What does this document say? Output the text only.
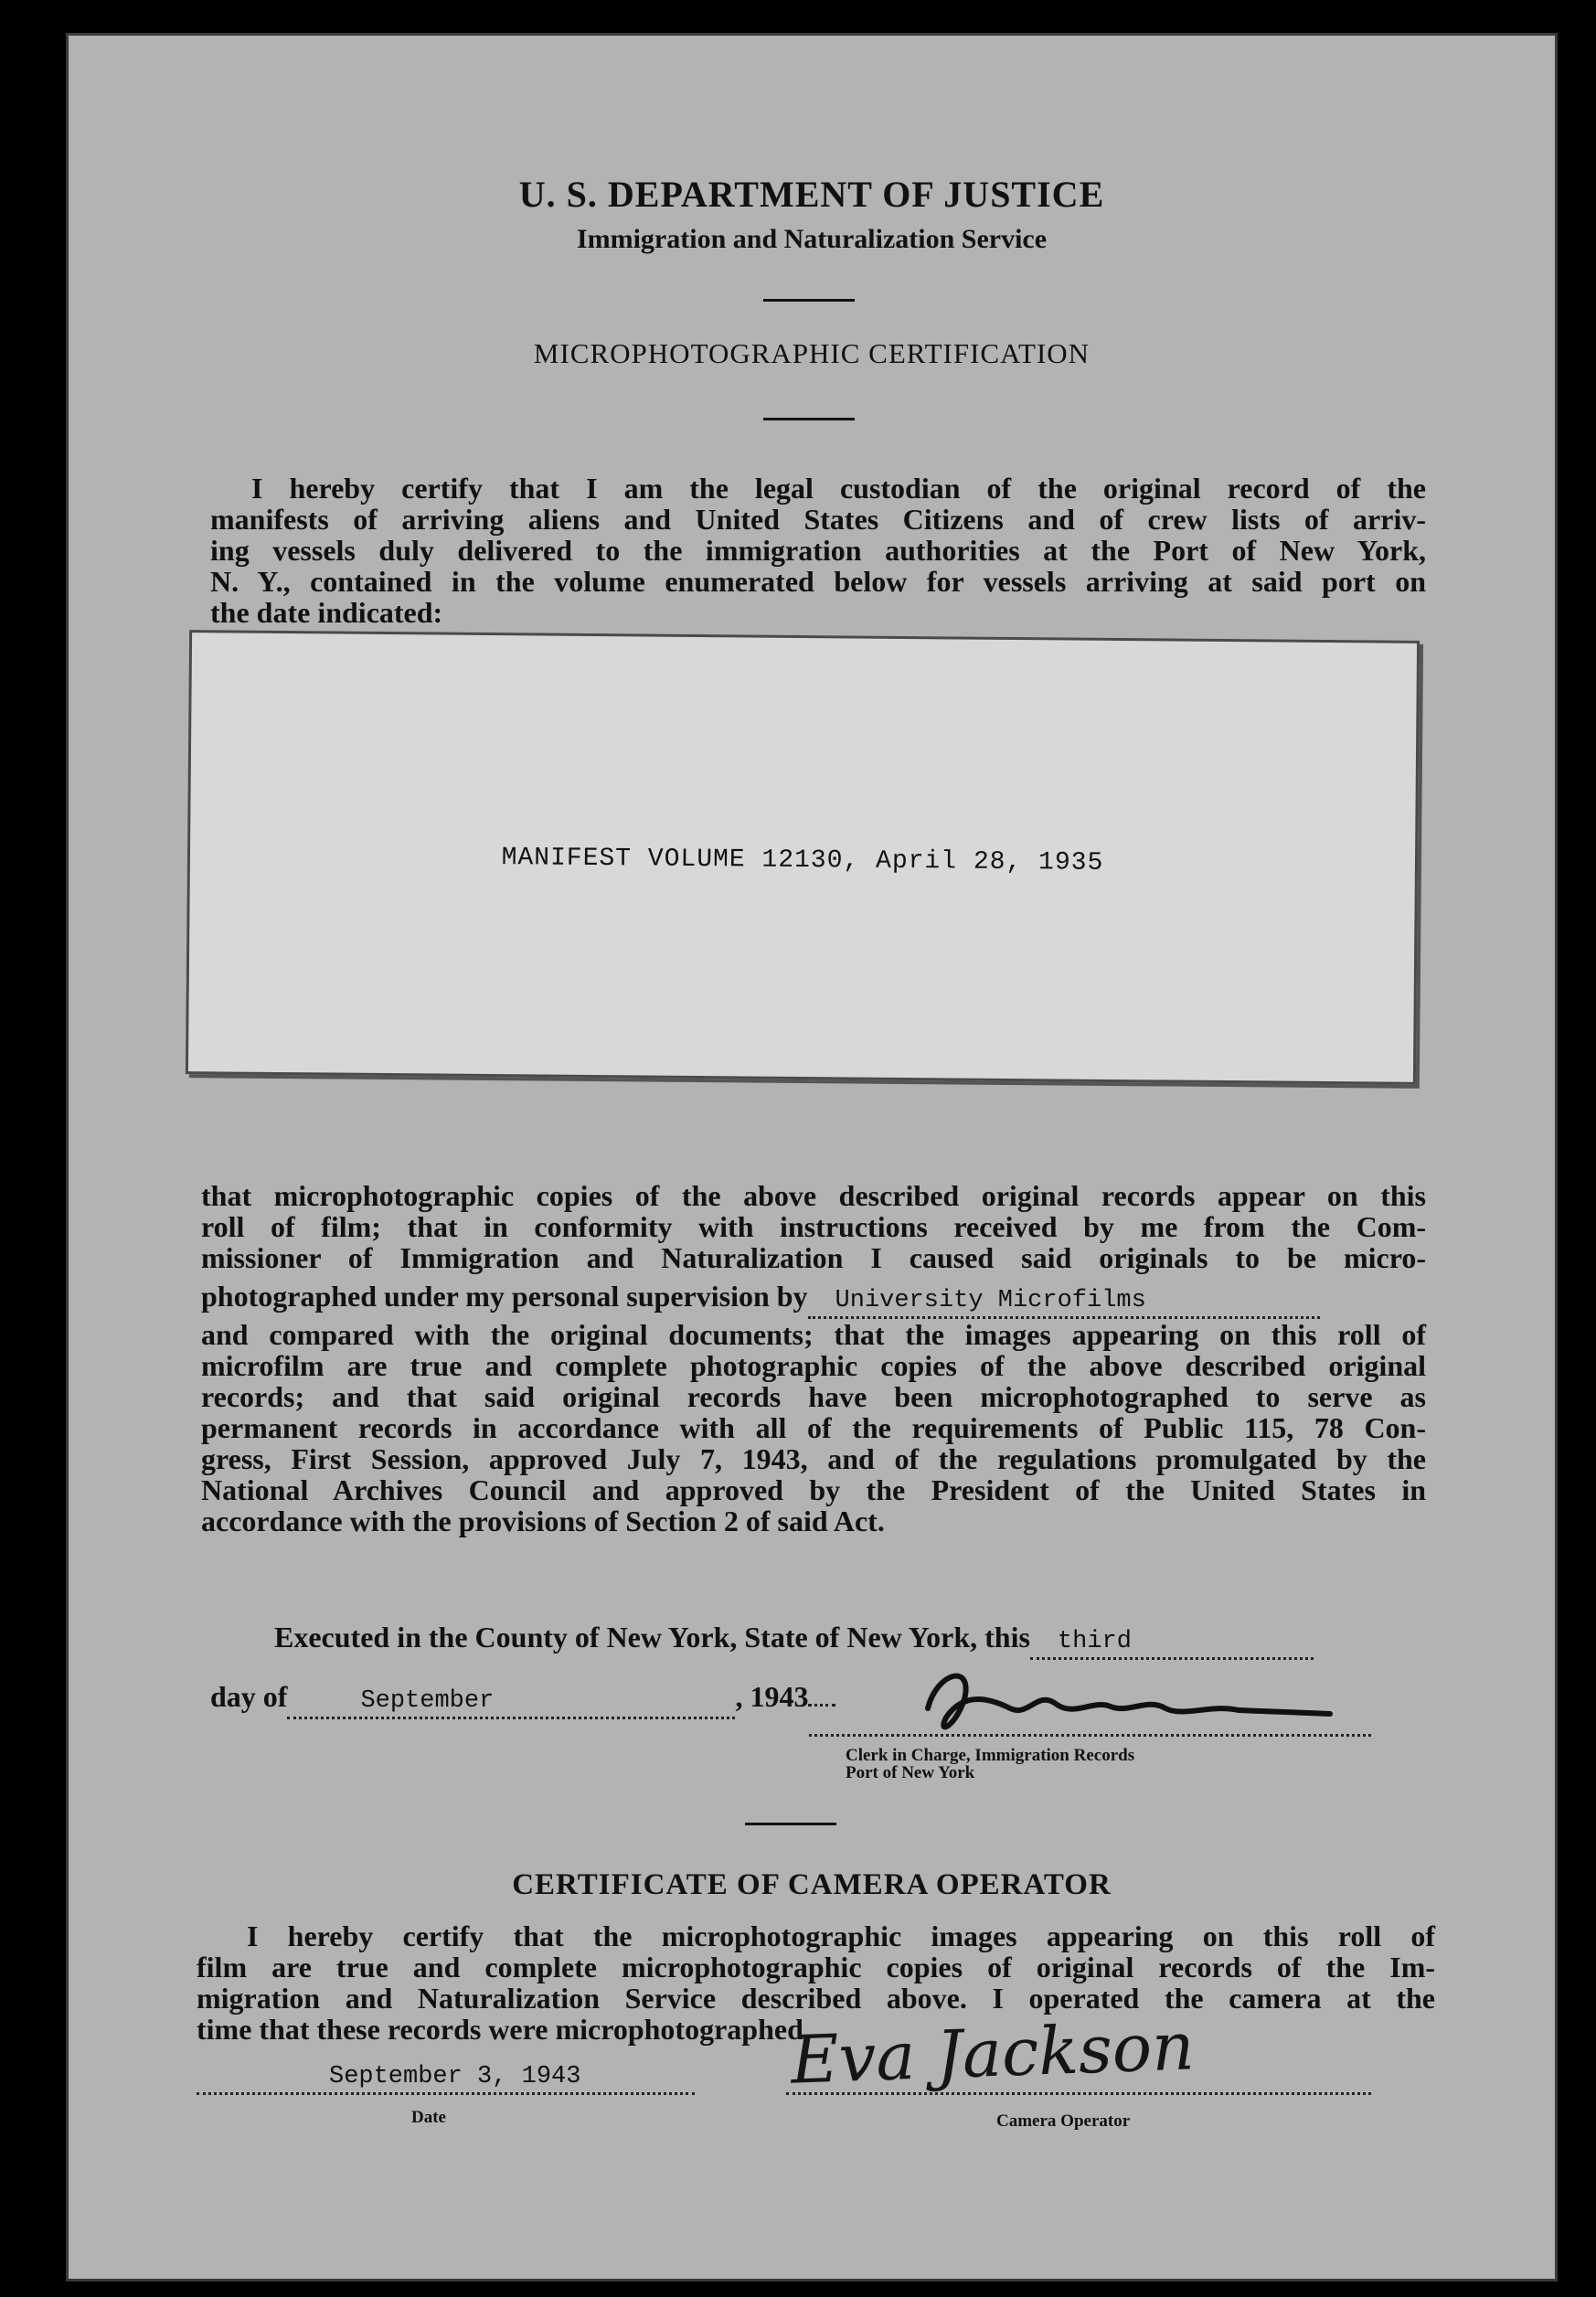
U. S. DEPARTMENT OF JUSTICE
Immigration and Naturalization Service
MICROPHOTOGRAPHIC CERTIFICATION
I hereby certify that I am the legal custodian of the original record of the
manifests of arriving aliens and United States Citizens and of crew lists of arriv-
ing vessels duly delivered to the immigration authorities at the Port of New York,
N. Y., contained in the volume enumerated below for vessels arriving at said port on
the date indicated:
MANIFEST VOLUME 12130, April 28, 1935
that microphotographic copies of the above described original records appear on this
roll of film; that in conformity with instructions received by me from the Com-
missioner of Immigration and Naturalization I caused said originals to be micro-
photographed under my personal supervision by University Microfilms
and compared with the original documents; that the images appearing on this roll of
microfilm are true and complete photographic copies of the above described original
records; and that said original records have been microphotographed to serve as
permanent records in accordance with all of the requirements of Public 115, 78 Con-
gress, First Session, approved July 7, 1943, and of the regulations promulgated by the
National Archives Council and approved by the President of the United States in
accordance with the provisions of Section 2 of said Act.
Executed in the County of New York, State of New York, this third
day of	September	, 1943
Clerk in Charge, Immigration Records
Port of New York
CERTIFICATE OF CAMERA OPERATOR
I hereby certify that the microphotographic images appearing on this roll of
film are true and complete microphotographic copies of original records of the Im-
migration and Naturalization Service described above. I operated the camera at the
time that these records were microphotographed.
September 3, 1943
Date
Eva Jackson
Camera Operator
